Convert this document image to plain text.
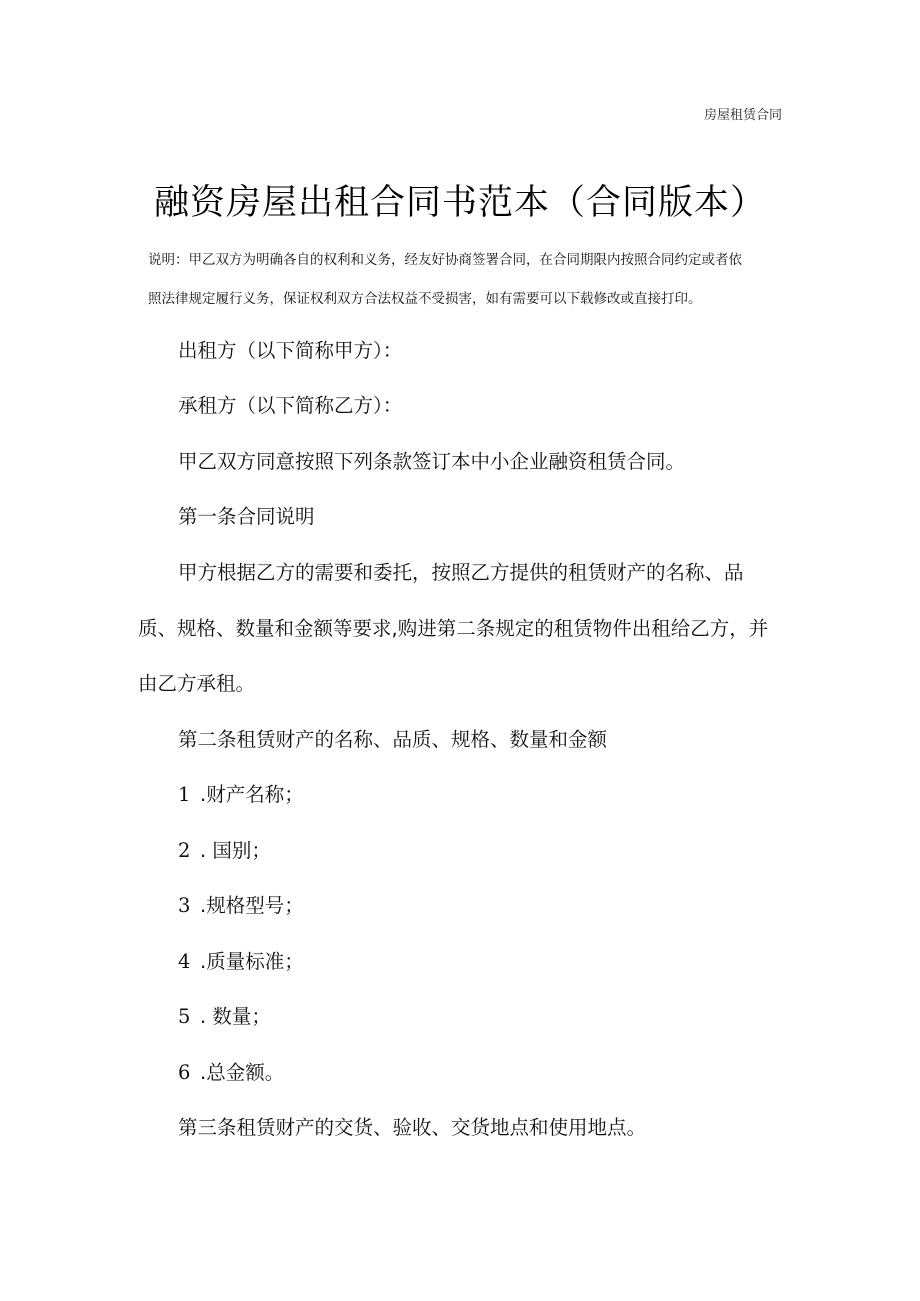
房屋租赁合同
融资房屋出租合同书范本（合同版本）
说明：甲乙双方为明确各自的权利和义务，经友好协商签署合同，在合同期限内按照合同约定或者依
照法律规定履行义务，保证权利双方合法权益不受损害，如有需要可以下载修改或直接打印。
出租方（以下简称甲方）：
承租方（以下简称乙方）：
甲乙双方同意按照下列条款签订本中小企业融资租赁合同。
第一条合同说明
甲方根据乙方的需要和委托，按照乙方提供的租赁财产的名称、品
质、规格、数量和金额等要求,购进第二条规定的租赁物件出租给乙方，并
由乙方承租。
第二条租赁财产的名称、品质、规格、数量和金额
1 .财产名称；
2 . 国别；
3 .规格型号；
4 .质量标准；
5 . 数量；
6 .总金额。
第三条租赁财产的交货、验收、交货地点和使用地点。
